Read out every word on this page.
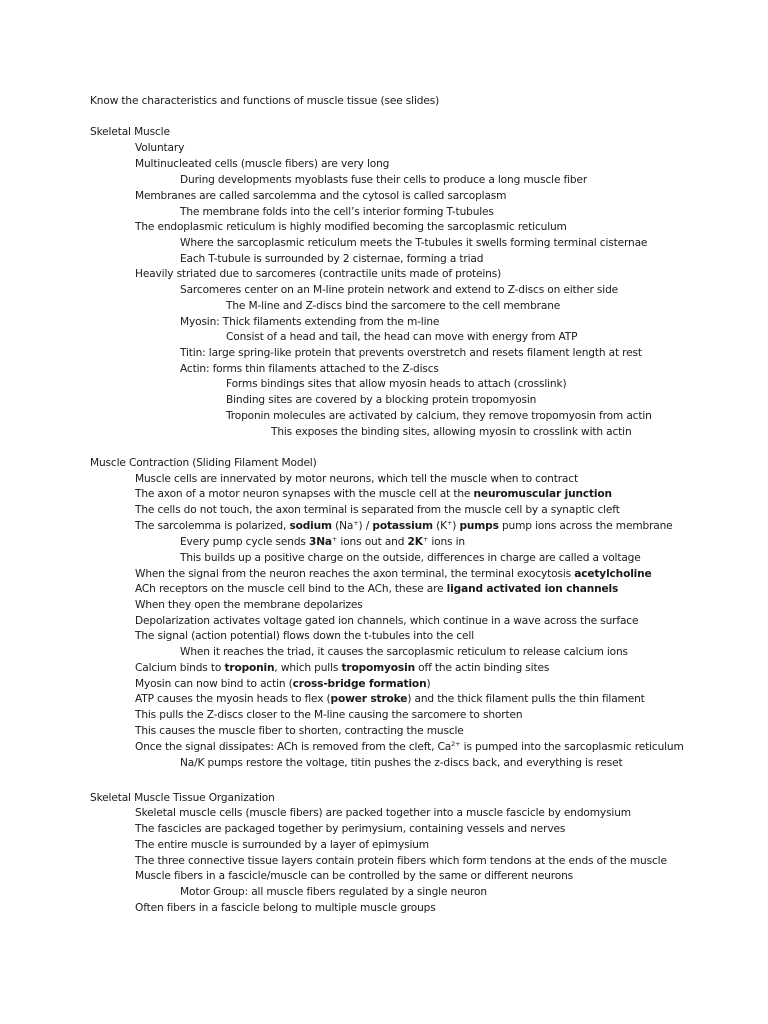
Know the characteristics and functions of muscle tissue (see slides)
Skeletal Muscle
Voluntary
Multinucleated cells (muscle fibers) are very long
During developments myoblasts fuse their cells to produce a long muscle fiber
Membranes are called sarcolemma and the cytosol is called sarcoplasm
The membrane folds into the cell’s interior forming T-tubules
The endoplasmic reticulum is highly modified becoming the sarcoplasmic reticulum
Where the sarcoplasmic reticulum meets the T-tubules it swells forming terminal cisternae
Each T-tubule is surrounded by 2 cisternae, forming a triad
Heavily striated due to sarcomeres (contractile units made of proteins)
Sarcomeres center on an M-line protein network and extend to Z-discs on either side
The M-line and Z-discs bind the sarcomere to the cell membrane
Myosin: Thick filaments extending from the m-line
Consist of a head and tail, the head can move with energy from ATP
Titin: large spring-like protein that prevents overstretch and resets filament length at rest
Actin: forms thin filaments attached to the Z-discs
Forms bindings sites that allow myosin heads to attach (crosslink)
Binding sites are covered by a blocking protein tropomyosin
Troponin molecules are activated by calcium, they remove tropomyosin from actin
This exposes the binding sites, allowing myosin to crosslink with actin
Muscle Contraction (Sliding Filament Model)
Muscle cells are innervated by motor neurons, which tell the muscle when to contract
The axon of a motor neuron synapses with the muscle cell at the neuromuscular junction
The cells do not touch, the axon terminal is separated from the muscle cell by a synaptic cleft
The sarcolemma is polarized, sodium (Na+) / potassium (K+) pumps pump ions across the membrane
Every pump cycle sends 3Na+ ions out and 2K+ ions in
This builds up a positive charge on the outside, differences in charge are called a voltage
When the signal from the neuron reaches the axon terminal, the terminal exocytosis acetylcholine
ACh receptors on the muscle cell bind to the ACh, these are ligand activated ion channels
When they open the membrane depolarizes
Depolarization activates voltage gated ion channels, which continue in a wave across the surface
The signal (action potential) flows down the t-tubules into the cell
When it reaches the triad, it causes the sarcoplasmic reticulum to release calcium ions
Calcium binds to troponin, which pulls tropomyosin off the actin binding sites
Myosin can now bind to actin (cross-bridge formation)
ATP causes the myosin heads to flex (power stroke) and the thick filament pulls the thin filament
This pulls the Z-discs closer to the M-line causing the sarcomere to shorten
This causes the muscle fiber to shorten, contracting the muscle
Once the signal dissipates: ACh is removed from the cleft, $Ca^{2+}$ is pumped into the sarcoplasmic reticulum
Na/K pumps restore the voltage, titin pushes the z-discs back, and everything is reset
Skeletal Muscle Tissue Organization
Skeletal muscle cells (muscle fibers) are packed together into a muscle fascicle by endomysium
The fascicles are packaged together by perimysium, containing vessels and nerves
The entire muscle is surrounded by a layer of epimysium
The three connective tissue layers contain protein fibers which form tendons at the ends of the muscle
Muscle fibers in a fascicle/muscle can be controlled by the same or different neurons
Motor Group: all muscle fibers regulated by a single neuron
Often fibers in a fascicle belong to multiple muscle groups
